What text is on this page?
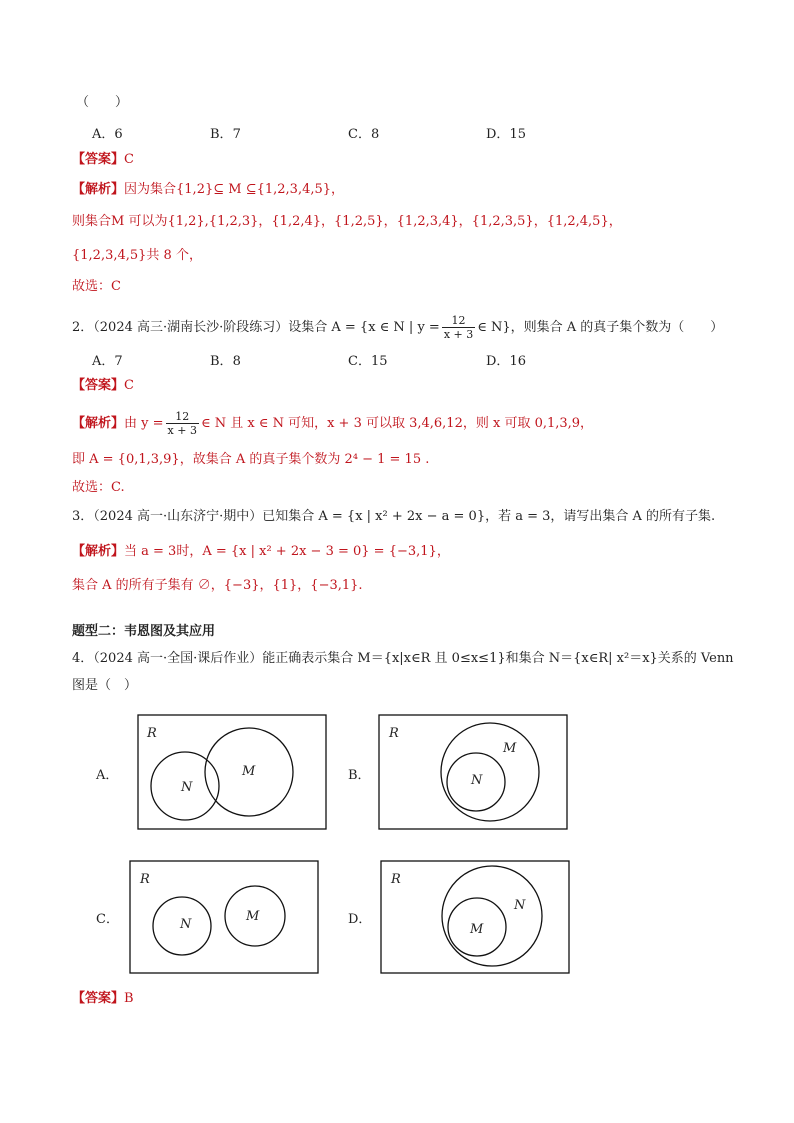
（　　）
A．6	B．7	C．8	D．15
【答案】C
【解析】因为集合{1,2}⊆ M ⊆{1,2,3,4,5}，
则集合M 可以为{1,2},{1,2,3}，{1,2,4}，{1,2,5}，{1,2,3,4}，{1,2,3,5}，{1,2,4,5}，
{1,2,3,4,5}共 8 个，
故选：C
2．（2024 高三·湖南长沙·阶段练习）设集合 A = {x ∈ N | $y = \frac{12}{x + 3}$ ∈ N}，则集合 A 的真子集个数为（　　）
A．7	B．8	C．15	D．16
【答案】C
【解析】由 $y = \frac{12}{x + 3}$ ∈ N 且 x ∈ N 可知，x + 3 可以取 3,4,6,12，则 x 可取 0,1,3,9，
即 A = {0,1,3,9}，故集合 A 的真子集个数为 2⁴ − 1 = 15 .
故选：C.
3．（2024 高一·山东济宁·期中）已知集合 A = {x | x² + 2x − a = 0}，若 a = 3，请写出集合 A 的所有子集.
【解析】当 a = 3时，A = {x | x² + 2x − 3 = 0} = {−3,1}，
集合 A 的所有子集有 ∅，{−3}，{1}，{−3,1}.
题型二：韦恩图及其应用
4．（2024 高一·全国·课后作业）能正确表示集合 M＝{x|x∈R 且 0≤x≤1}和集合 N＝{x∈R| x²＝x}关系的 Venn
图是（　）
A．
R
N
M	B．
R
N
M
C．
R
N
M	D．
R
M
N
【答案】B
